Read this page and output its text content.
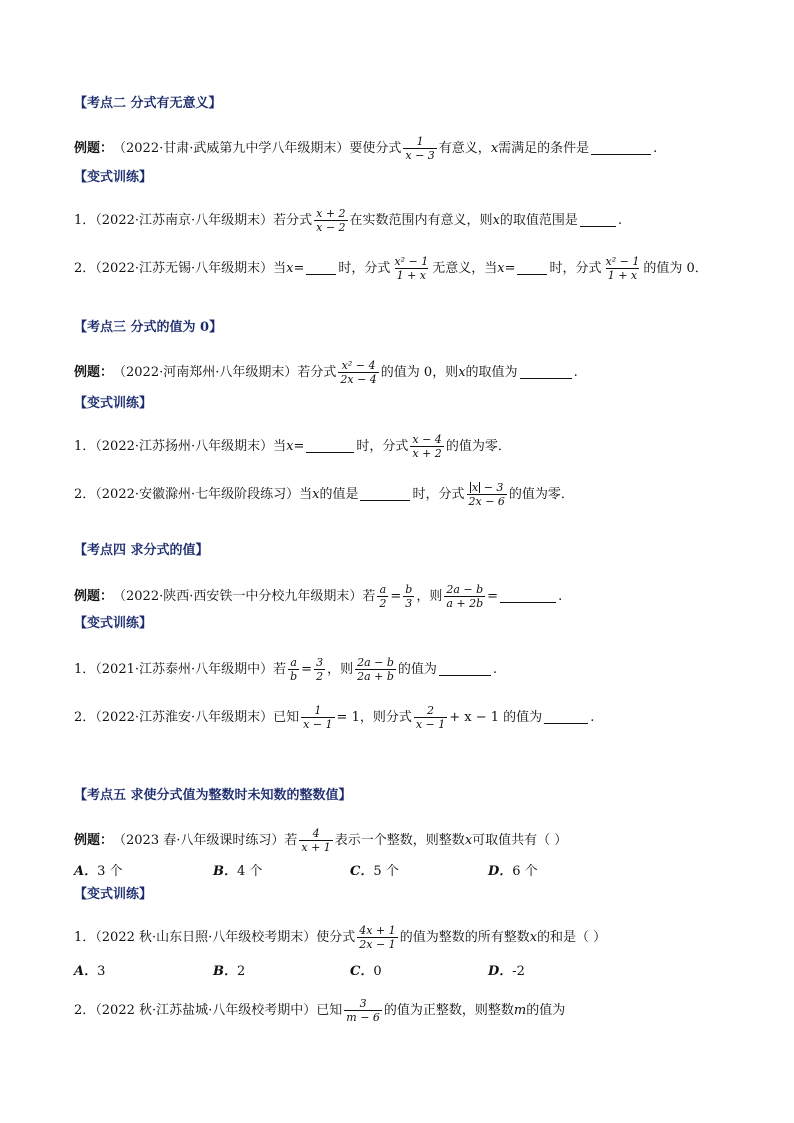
【考点二 分式有无意义】
例题： （2022·甘肃·武威第九中学八年级期末）要使分式 $\frac{1}{x - 3}$ 有意义， x 需满足的条件是	.
【变式训练】
1．（2022·江苏南京·八年级期末）若分式 $\frac{x + 2}{x - 2}$ 在实数范围内有意义，则 x 的取值范围是	.
2．（2022·江苏无锡·八年级期末）当 x =	时，分式 $\frac{\text{x² − 1}}{1 + x}$ 无意义，当 x =	时，分式 $\frac{\text{x² − 1}}{1 + x}$ 的值为 0．
【考点三 分式的值为 0】
例题： （2022·河南郑州·八年级期末）若分式 $\frac{\text{x² − 4}}{2x - 4}$ 的值为 0，则 x 的取值为	.
【变式训练】
1．（2022·江苏扬州·八年级期末）当 x =	时，分式 $\frac{x - 4}{x + 2}$ 的值为零．
2．（2022·安徽滁州·七年级阶段练习）当 x 的值是	时，分式 $\frac{x - 3}{2x - 6}$ 的值为零．
【考点四 求分式的值】
例题： （2022·陕西·西安铁一中分校九年级期末）若 $\frac{a}{2} = \frac{b}{3}$ ，则 $\frac{2a - b}{a + 2b}$ =	.
【变式训练】
1．（2021·江苏泰州·八年级期中）若 $\frac{a}{b} = \frac{3}{2}$ ，则 $\frac{2a - b}{2a + b}$ 的值为	.
2．（2022·江苏淮安·八年级期末）已知 $\frac{1}{x - 1} = 1$，则分式 $\frac{2}{x - 1} + x - 1$ 的值为	.
【考点五 求使分式值为整数时未知数的整数值】
例题： （2023 春·八年级课时练习）若 $\frac{4}{x + 1}$ 表示一个整数，则整数 x 可取值共有（ ）
A．3 个	B．4 个	C．5 个	D．6 个
【变式训练】
1．（2022 秋·山东日照·八年级校考期末）使分式 $\frac{4x + 1}{2x - 1}$ 的值为整数的所有整数 x 的和是（ ）
A．3	B．2	C．0	D．-2
2．（2022 秋·江苏盐城·八年级校考期中）已知 $\frac{3}{m - 6}$ 的值为正整数，则整数 m 的值为
